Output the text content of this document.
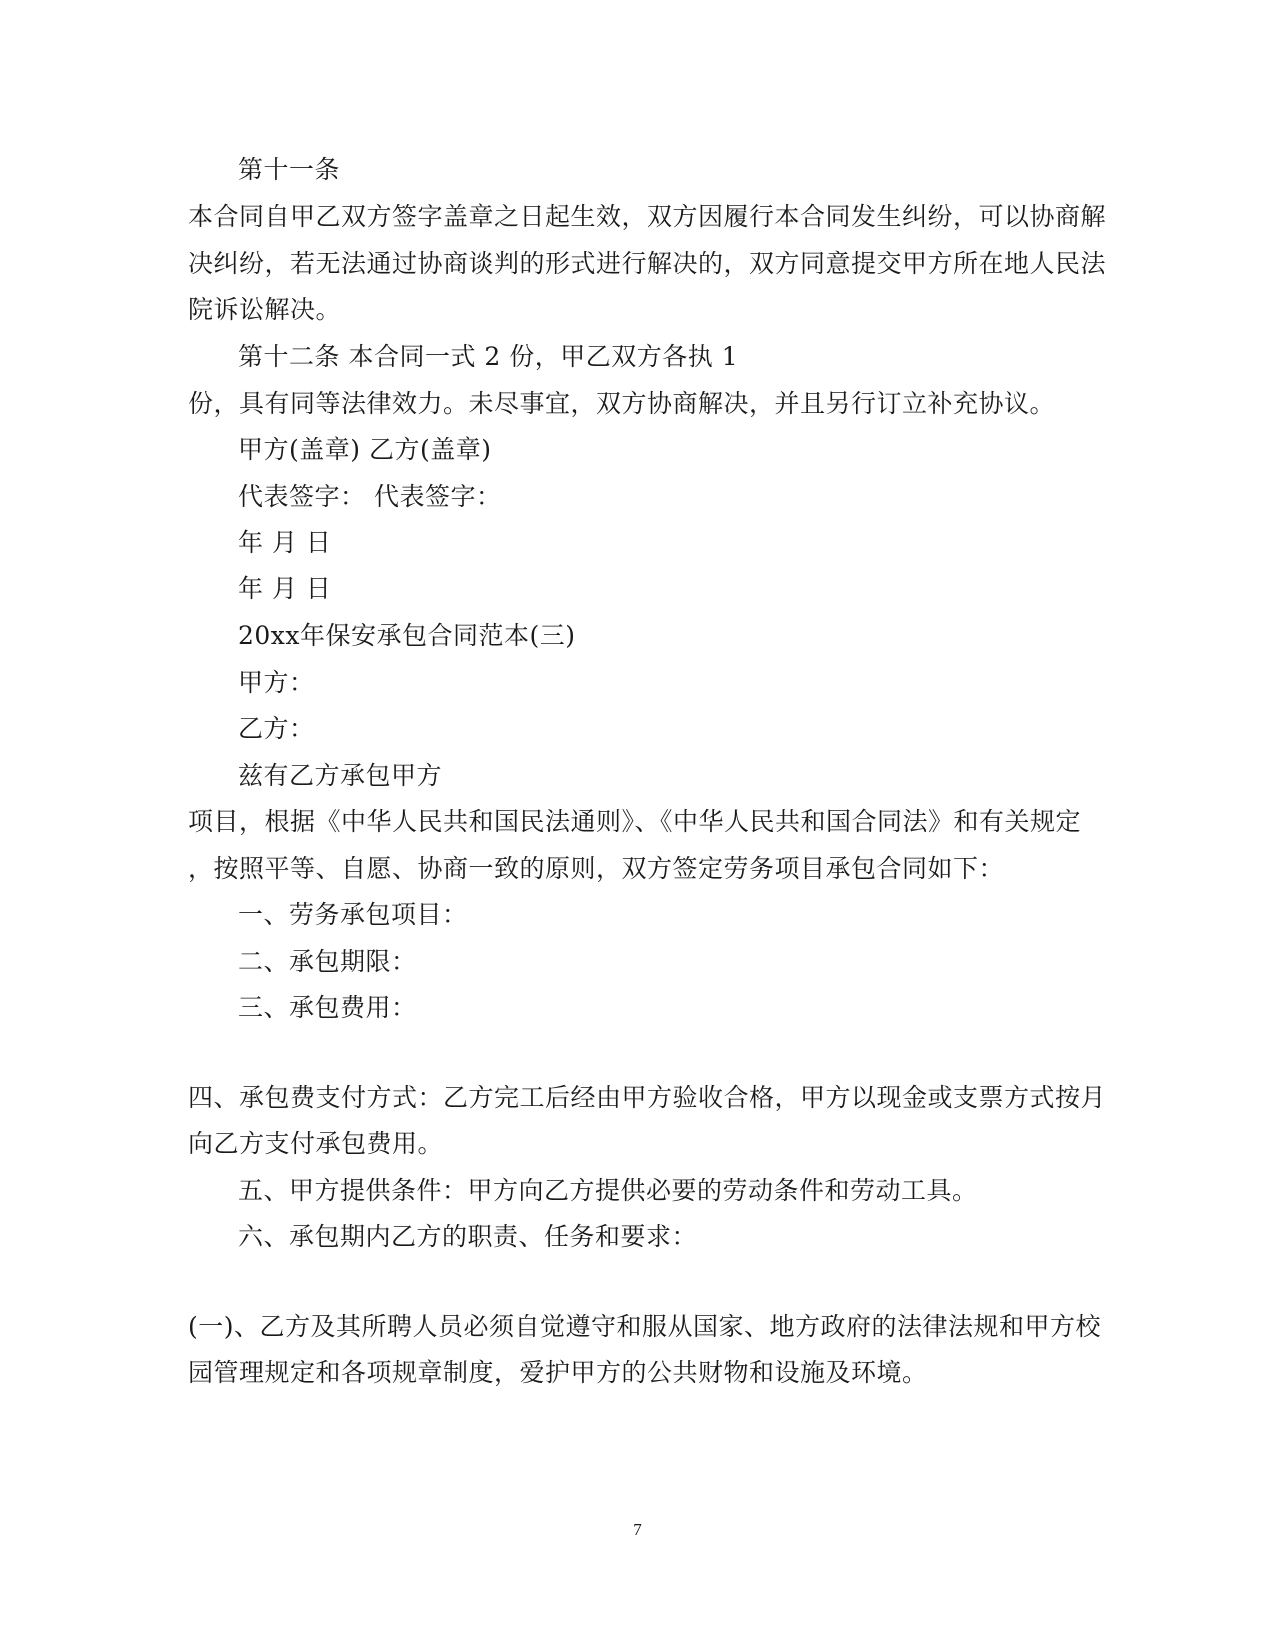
第十一条
本合同自甲乙双方签字盖章之日起生效，双方因履行本合同发生纠纷，可以协商解
决纠纷，若无法通过协商谈判的形式进行解决的，双方同意提交甲方所在地人民法
院诉讼解决。
第十二条 本合同一式 2 份，甲乙双方各执 1
份，具有同等法律效力。未尽事宜，双方协商解决，并且另行订立补充协议。
甲方(盖章) 乙方(盖章)
代表签字： 代表签字：
年 月 日
年 月 日
20xx年保安承包合同范本(三)
甲方：
乙方：
兹有乙方承包甲方
项目，根据《中华人民共和国民法通则》、《中华人民共和国合同法》和有关规定
，按照平等、自愿、协商一致的原则，双方签定劳务项目承包合同如下：
一、劳务承包项目：
二、承包期限：
三、承包费用：
四、承包费支付方式：乙方完工后经由甲方验收合格，甲方以现金或支票方式按月
向乙方支付承包费用。
五、甲方提供条件：甲方向乙方提供必要的劳动条件和劳动工具。
六、承包期内乙方的职责、任务和要求：
(一)、乙方及其所聘人员必须自觉遵守和服从国家、地方政府的法律法规和甲方校
园管理规定和各项规章制度，爱护甲方的公共财物和设施及环境。
7
